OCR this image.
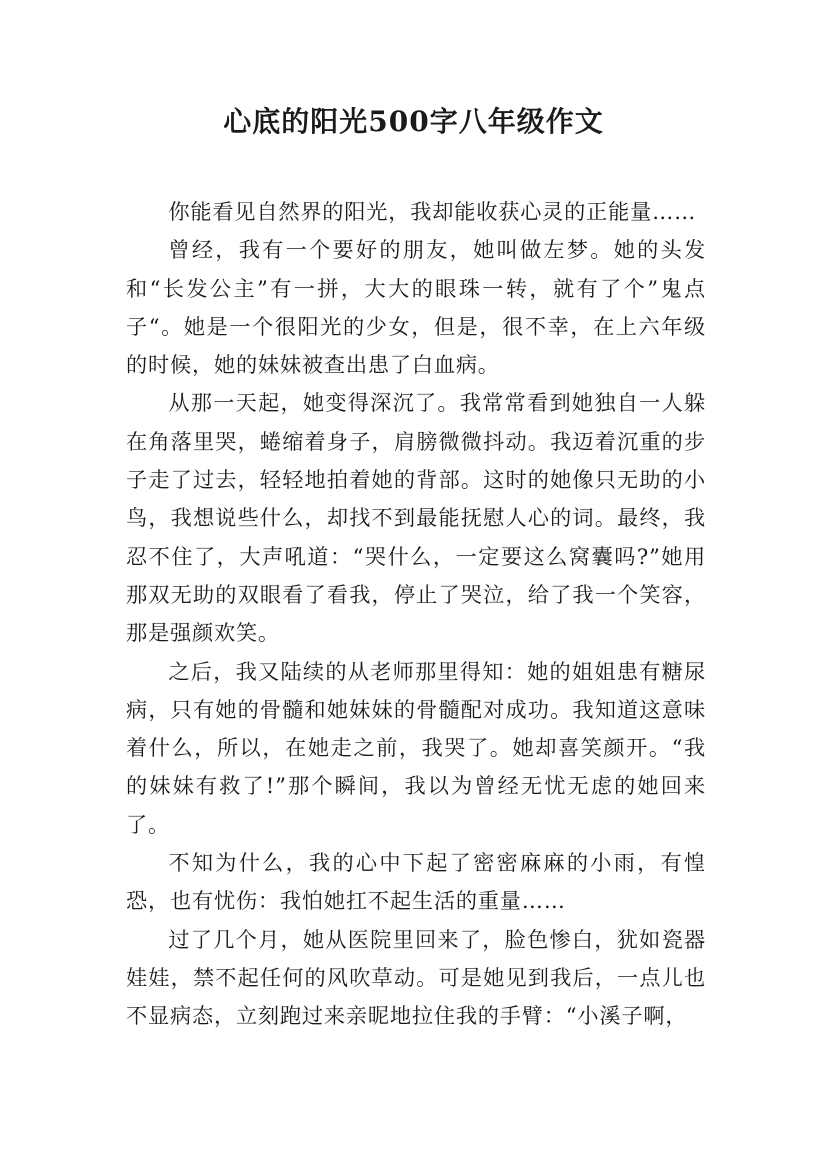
心底的阳光500字八年级作文

你能看见自然界的阳光，我却能收获心灵的正能量……

曾经，我有一个要好的朋友，她叫做左梦。她的头发和“长发公主”有一拼，大大的眼珠一转，就有了个”鬼点子“。她是一个很阳光的少女，但是，很不幸，在上六年级的时候，她的妹妹被查出患了白血病。

从那一天起，她变得深沉了。我常常看到她独自一人躲在角落里哭，蜷缩着身子，肩膀微微抖动。我迈着沉重的步子走了过去，轻轻地拍着她的背部。这时的她像只无助的小鸟，我想说些什么，却找不到最能抚慰人心的词。最终，我忍不住了，大声吼道：“哭什么，一定要这么窝囊吗?”她用那双无助的双眼看了看我，停止了哭泣，给了我一个笑容，那是强颜欢笑。

之后，我又陆续的从老师那里得知：她的姐姐患有糖尿病，只有她的骨髓和她妹妹的骨髓配对成功。我知道这意味着什么，所以，在她走之前，我哭了。她却喜笑颜开。“我的妹妹有救了!”那个瞬间，我以为曾经无忧无虑的她回来了。

不知为什么，我的心中下起了密密麻麻的小雨，有惶恐，也有忧伤：我怕她扛不起生活的重量……

过了几个月，她从医院里回来了，脸色惨白，犹如瓷器娃娃，禁不起任何的风吹草动。可是她见到我后，一点儿也不显病态，立刻跑过来亲昵地拉住我的手臂：“小溪子啊，
